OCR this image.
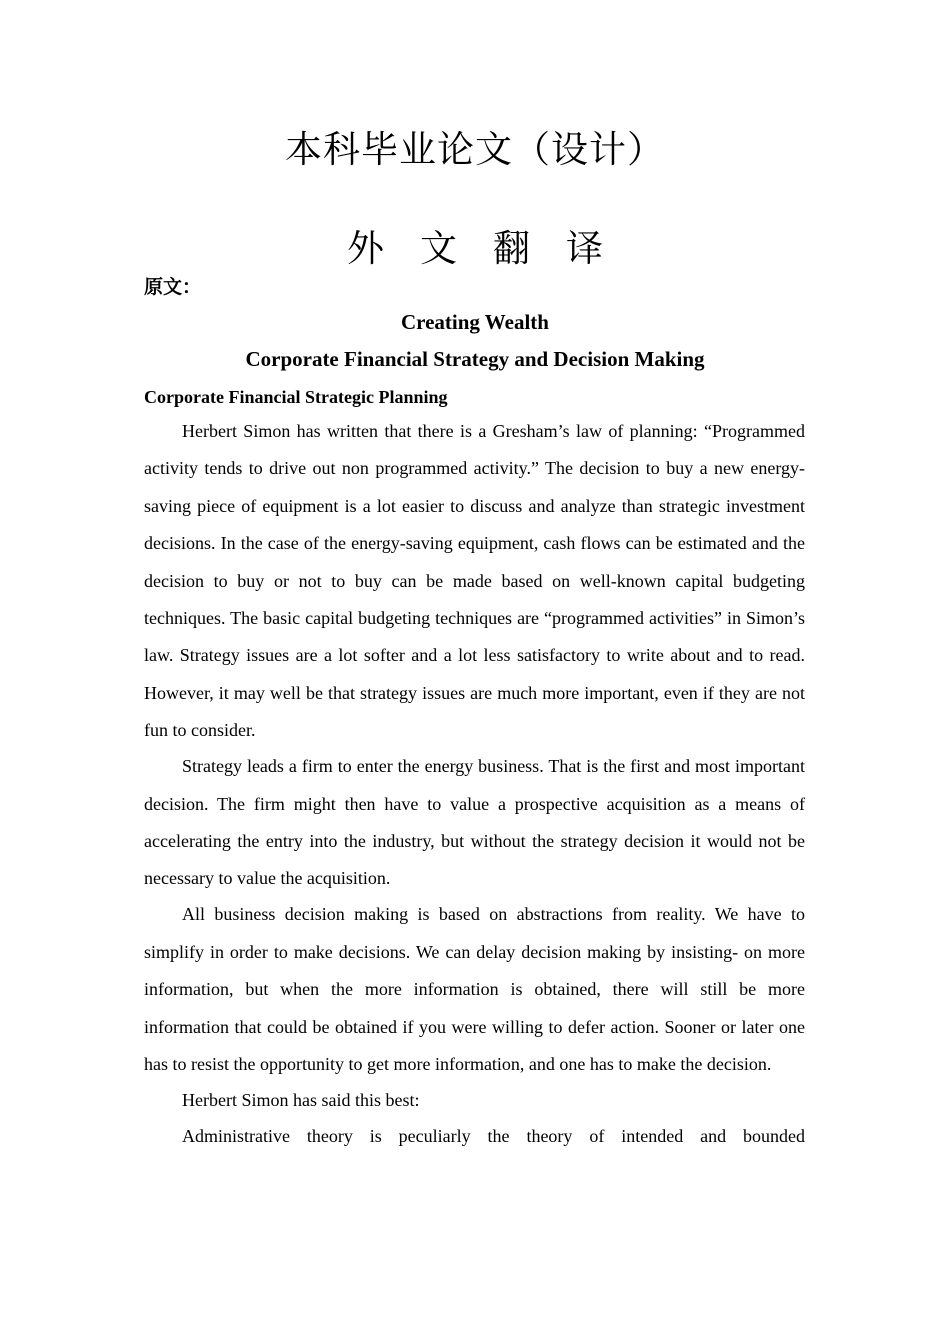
本科毕业论文（设计）
外文翻译
原文：
Creating Wealth
Corporate Financial Strategy and Decision Making
Corporate Financial Strategic Planning

Herbert Simon has written that there is a Gresham’s law of planning: “Programmed activity tends to drive out non programmed activity.” The decision to buy a new energy-saving piece of equipment is a lot easier to discuss and analyze than strategic investment decisions. In the case of the energy-saving equipment, cash flows can be estimated and the decision to buy or not to buy can be made based on well-known capital budgeting techniques. The basic capital budgeting techniques are “programmed activities” in Simon’s law. Strategy issues are a lot softer and a lot less satisfactory to write about and to read. However, it may well be that strategy issues are much more important, even if they are not fun to consider.

Strategy leads a firm to enter the energy business. That is the first and most important decision. The firm might then have to value a prospective acquisition as a means of accelerating the entry into the industry, but without the strategy decision it would not be necessary to value the acquisition.

All business decision making is based on abstractions from reality. We have to simplify in order to make decisions. We can delay decision making by insisting- on more information, but when the more information is obtained, there will still be more information that could be obtained if you were willing to defer action. Sooner or later one has to resist the opportunity to get more information, and one has to make the decision.

Herbert Simon has said this best:

Administrative theory is peculiarly the theory of intended and bounded
